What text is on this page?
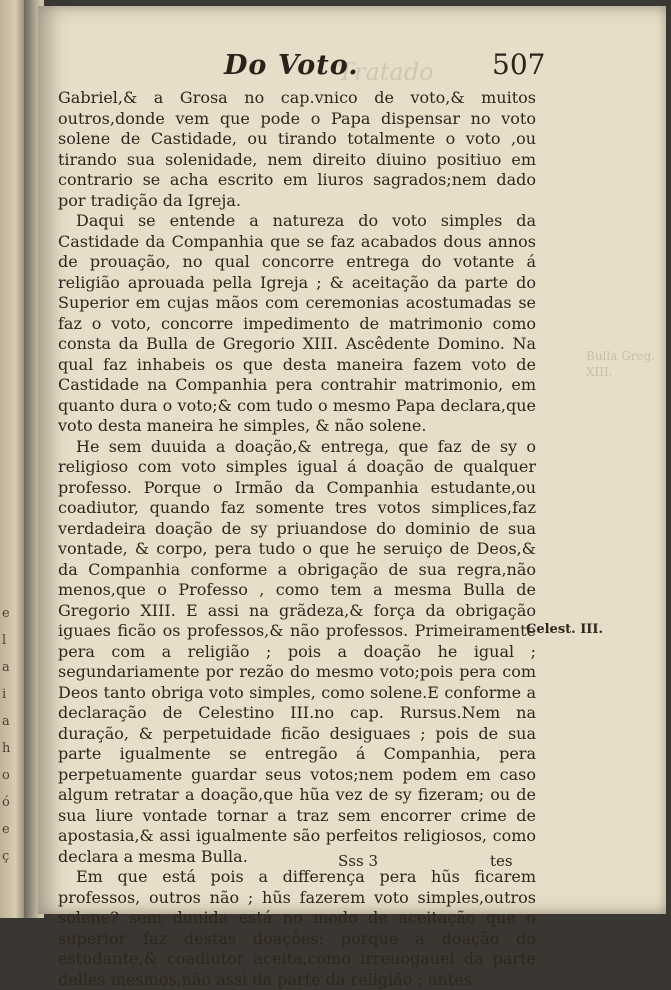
e
l
a
i
a
h
o
ó
e
ç
Tratado
Bulla Greg. XIII.
Do Voto.	507

Gabriel,& a Grosa no cap.vnico de voto,& muitos outros,donde vem que pode o Papa dispensar no voto solene de Castidade, ou tirando totalmente o voto ,ou tirando sua solenidade, nem direito diuino positiuo em contrario se acha escrito em liuros sagrados;nem dado por tradição da Igreja.

Daqui se entende a natureza do voto simples da Castidade da Companhia que se faz acabados dous annos de prouação, no qual concorre entrega do votante á religião aprouada pella Igreja ; & aceitação da parte do Superior em cujas mãos com ceremonias acostumadas se faz o voto, concorre impedimento de matrimonio como consta da Bulla de Gregorio XIII. Ascêdente Domino. Na qual faz inhabeis os que desta maneira fazem voto de Castidade na Companhia pera contrahir matrimonio, em quanto dura o voto;& com tudo o mesmo Papa declara,que voto desta maneira he simples, & não solene.

He sem duuida a doação,& entrega, que faz de sy o religioso com voto simples igual á doação de qualquer professo. Porque o Irmão da Companhia estudante,ou coadiutor, quando faz somente tres votos simplices,faz verdadeira doação de sy priuandose do dominio de sua vontade, & corpo, pera tudo o que he seruiço de Deos,& da Companhia conforme a obrigação de sua regra,não menos,que o Professo , como tem a mesma Bulla de Gregorio XIII. E assi na grãdeza,& força da obrigação iguaes ficão os professos,& não professos. Primeiramente pera com a religião ; pois a doação he igual ; segundariamente por rezão do mesmo voto;pois pera com Deos tanto obriga voto simples, como solene.E conforme a declaração de Celestino III.no cap. Rursus.Nem na duração, & perpetuidade ficão desiguaes ; pois de sua parte igualmente se entregão á Companhia, pera perpetuamente guardar seus votos;nem podem em caso algum retratar a doação,que hũa vez de sy fizeram; ou de sua liure vontade tornar a traz sem encorrer crime de apostasia,& assi igualmente são perfeitos religiosos, como declara a mesma Bulla.

Em que está pois a differença pera hũs ficarem professos, outros não ; hũs fazerem voto simples,outros solene? sem duuida está no modo de aceitação que o superior faz destas doações: porque a doação do estudante,& coadiutor aceita,como irreuogauel da parte delles mesmos,não assi da parte da religião ; antes

Celest. III.
Sss 3	tes
